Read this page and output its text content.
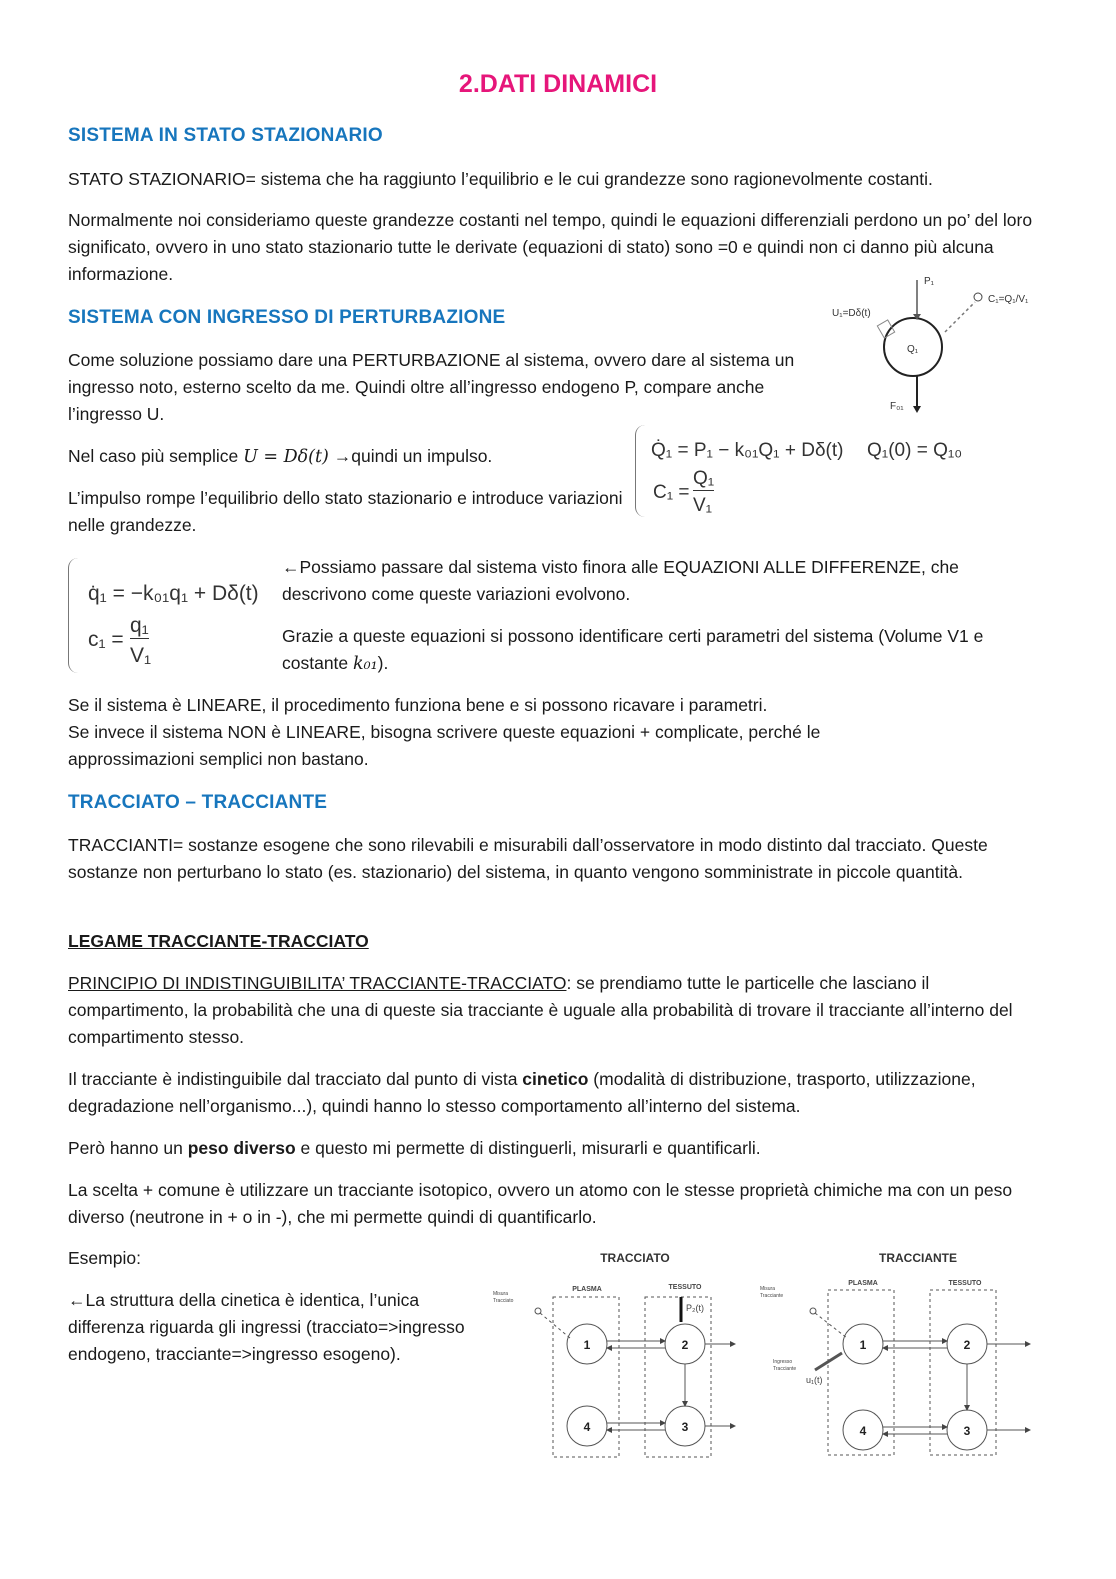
2.DATI DINAMICI
SISTEMA IN STATO STAZIONARIO
STATO STAZIONARIO= sistema che ha raggiunto l’equilibrio e le cui grandezze sono ragionevolmente costanti.
Normalmente noi consideriamo queste grandezze costanti nel tempo, quindi le equazioni differenziali perdono un po’ del loro significato, ovvero in uno stato stazionario tutte le derivate (equazioni di stato) sono =0 e quindi non ci danno più alcuna informazione.
SISTEMA CON INGRESSO DI PERTURBAZIONE
Come soluzione possiamo dare una PERTURBAZIONE al sistema, ovvero dare al sistema un ingresso noto, esterno scelto da me. Quindi oltre all’ingresso endogeno P, compare anche l’ingresso U.
Nel caso più semplice U = Dδ(t) →quindi un impulso.
L’impulso rompe l’equilibrio dello stato stazionario e introduce variazioni nelle grandezze.
P₁
U₁=Dδ(t)
C₁=Q₁/V₁
Q₁
F₀₁
Q̇₁ = P₁ − k₀₁Q₁ + Dδ(t) Q₁(0) = Q₁₀
C₁ =
Q₁
V₁
q̇₁ = −k₀₁q₁ + Dδ(t)
c₁ =
q₁
V₁
←Possiamo passare dal sistema visto finora alle EQUAZIONI ALLE DIFFERENZE, che descrivono come queste variazioni evolvono.
Grazie a queste equazioni si possono identificare certi parametri del sistema (Volume V1 e costante k₀₁).
Se il sistema è LINEARE, il procedimento funziona bene e si possono ricavare i parametri.
Se invece il sistema NON è LINEARE, bisogna scrivere queste equazioni + complicate, perché le approssimazioni semplici non bastano.
TRACCIATO – TRACCIANTE
TRACCIANTI= sostanze esogene che sono rilevabili e misurabili dall’osservatore in modo distinto dal tracciato. Queste sostanze non perturbano lo stato (es. stazionario) del sistema, in quanto vengono somministrate in piccole quantità.
LEGAME TRACCIANTE-TRACCIATO
PRINCIPIO DI INDISTINGUIBILITA’ TRACCIANTE-TRACCIATO: se prendiamo tutte le particelle che lasciano il compartimento, la probabilità che una di queste sia tracciante è uguale alla probabilità di trovare il tracciante all’interno del compartimento stesso.
Il tracciante è indistinguibile dal tracciato dal punto di vista cinetico (modalità di distribuzione, trasporto, utilizzazione, degradazione nell’organismo...), quindi hanno lo stesso comportamento all’interno del sistema.
Però hanno un peso diverso e questo mi permette di distinguerli, misurarli e quantificarli.
La scelta + comune è utilizzare un tracciante isotopico, ovvero un atomo con le stesse proprietà chimiche ma con un peso diverso (neutrone in + o in -), che mi permette quindi di quantificarlo.
Esempio:
←La struttura della cinetica è identica, l’unica differenza riguarda gli ingressi (tracciato=>ingresso endogeno, tracciante=>ingresso esogeno).
TRACCIATO	TRACCIANTE
PLASMA	TESSUTO
PLASMA	TESSUTO
Misura
Tracciato
Misura
Tracciante
Ingresso
Tracciante
P₂(t)
u₁(t)
1	2
3
4
1	2
3
4
